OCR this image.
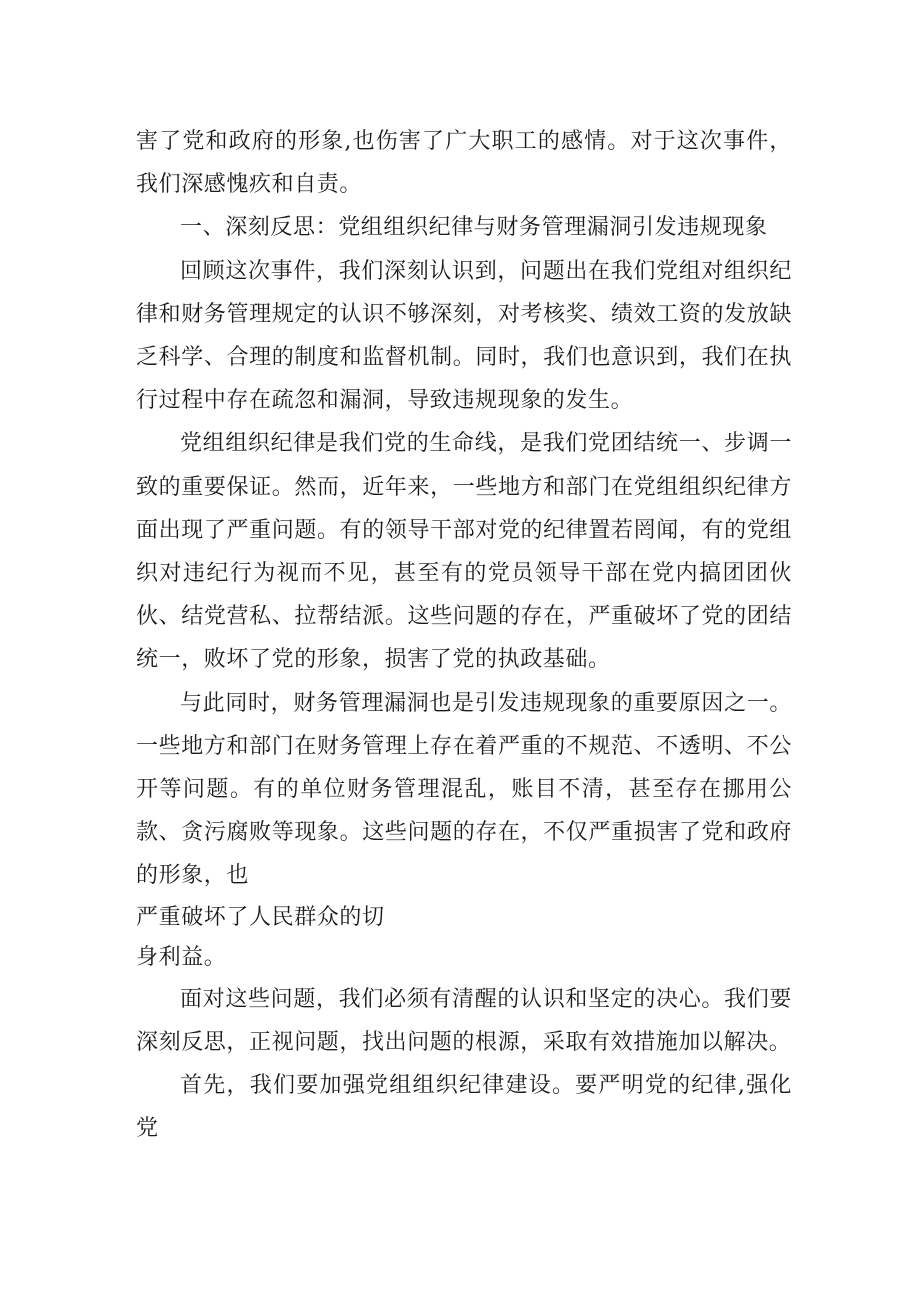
害了党和政府的形象,也伤害了广大职工的感情。对于这次事件，我们深感愧疚和自责。

一、深刻反思：党组组织纪律与财务管理漏洞引发违规现象

回顾这次事件，我们深刻认识到，问题出在我们党组对组织纪律和财务管理规定的认识不够深刻，对考核奖、绩效工资的发放缺乏科学、合理的制度和监督机制。同时，我们也意识到，我们在执行过程中存在疏忽和漏洞，导致违规现象的发生。

党组组织纪律是我们党的生命线，是我们党团结统一、步调一致的重要保证。然而，近年来，一些地方和部门在党组组织纪律方面出现了严重问题。有的领导干部对党的纪律置若罔闻，有的党组织对违纪行为视而不见，甚至有的党员领导干部在党内搞团团伙伙、结党营私、拉帮结派。这些问题的存在，严重破坏了党的团结统一，败坏了党的形象，损害了党的执政基础。

与此同时，财务管理漏洞也是引发违规现象的重要原因之一。一些地方和部门在财务管理上存在着严重的不规范、不透明、不公开等问题。有的单位财务管理混乱，账目不清，甚至存在挪用公款、贪污腐败等现象。这些问题的存在，不仅严重损害了党和政府的形象，也

严重破坏了人民群众的切

身利益。

面对这些问题，我们必须有清醒的认识和坚定的决心。我们要深刻反思，正视问题，找出问题的根源，采取有效措施加以解决。

首先，我们要加强党组组织纪律建设。要严明党的纪律,强化党
